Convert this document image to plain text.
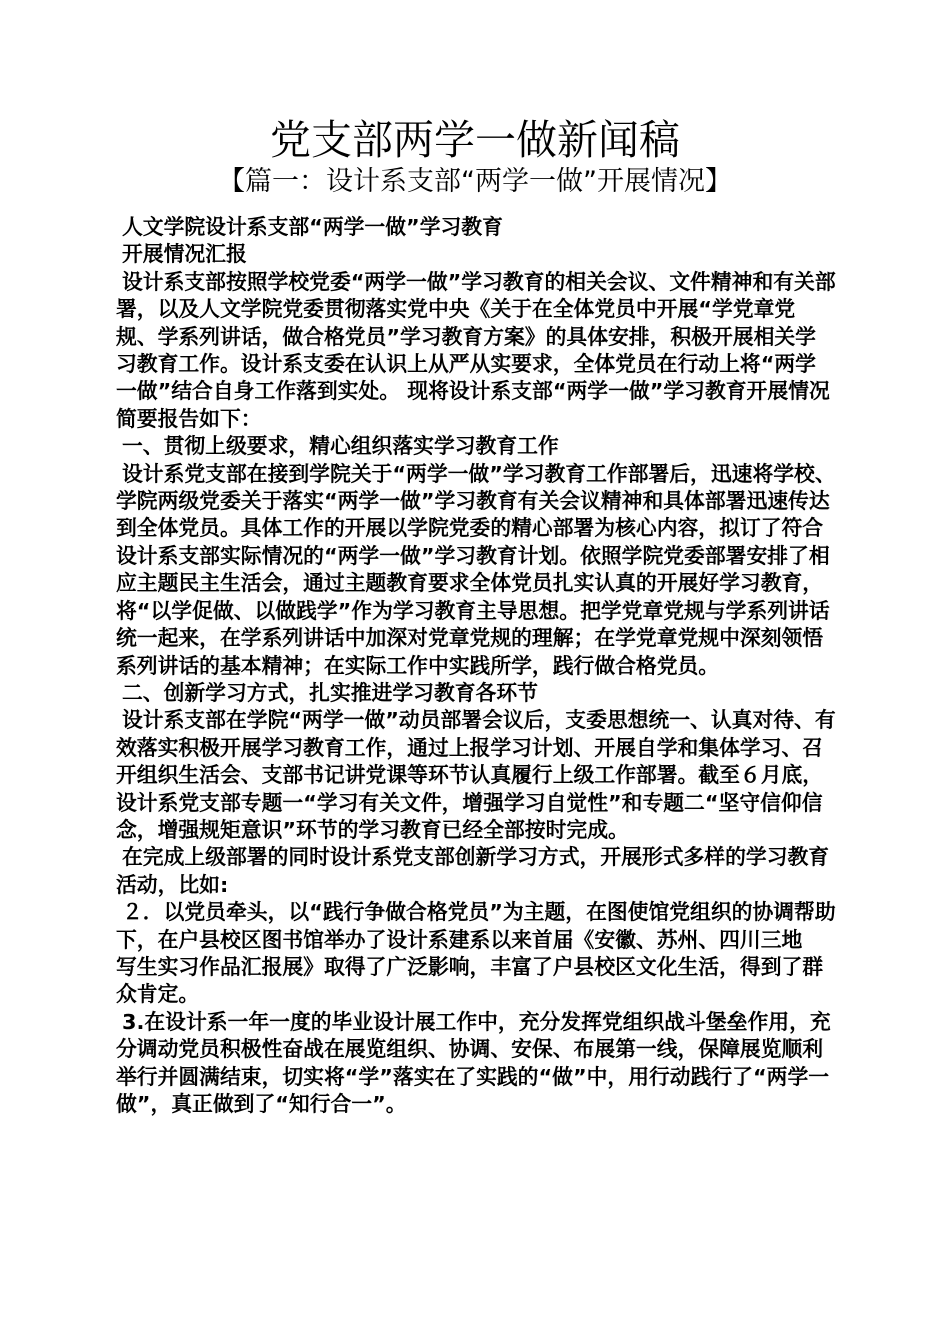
党支部两学一做新闻稿
【篇一：设计系支部“两学一做”开展情况】

人文学院设计系支部“两学一做”学习教育

开展情况汇报

设计系支部按照学校党委“两学一做”学习教育的相关会议、文件精神和有关部署，以及人文学院党委贯彻落实党中央《关于在全体党员中开展“学党章党规、学系列讲话，做合格党员”学习教育方案》的具体安排，积极开展相关学习教育工作。设计系支委在认识上从严从实要求，全体党员在行动上将“两学一做”结合自身工作落到实处。 现将设计系支部“两学一做”学习教育开展情况简要报告如下：

一、贯彻上级要求，精心组织落实学习教育工作

设计系党支部在接到学院关于“两学一做”学习教育工作部署后，迅速将学校、学院两级党委关于落实“两学一做”学习教育有关会议精神和具体部署迅速传达到全体党员。具体工作的开展以学院党委的精心部署为核心内容，拟订了符合设计系支部实际情况的“两学一做”学习教育计划。依照学院党委部署安排了相应主题民主生活会，通过主题教育要求全体党员扎实认真的开展好学习教育，将“以学促做、以做践学”作为学习教育主导思想。把学党章党规与学系列讲话统一起来，在学系列讲话中加深对党章党规的理解；在学党章党规中深刻领悟系列讲话的基本精神；在实际工作中实践所学，践行做合格党员。

二、创新学习方式，扎实推进学习教育各环节

设计系支部在学院“两学一做”动员部署会议后，支委思想统一、认真对待、有效落实积极开展学习教育工作，通过上报学习计划、开展自学和集体学习、召开组织生活会、支部书记讲党课等环节认真履行上级工作部署。截至６月底，设计系党支部专题一“学习有关文件，增强学习自觉性”和专题二“坚守信仰信念，增强规矩意识”环节的学习教育已经全部按时完成。

在完成上级部署的同时设计系党支部创新学习方式，开展形式多样的学习教育活动，比如:

２．以党员牵头，以“践行争做合格党员”为主题，在图使馆党组织的协调帮助下，在户县校区图书馆举办了设计系建系以来首届《安徽、苏州、四川三地

写生实习作品汇报展》取得了广泛影响，丰富了户县校区文化生活，得到了群众肯定。

3.在设计系一年一度的毕业设计展工作中，充分发挥党组织战斗堡垒作用，充分调动党员积极性奋战在展览组织、协调、安保、布展第一线，保障展览顺利举行并圆满结束，切实将“学”落实在了实践的“做”中，用行动践行了“两学一做”，真正做到了“知行合一”。
